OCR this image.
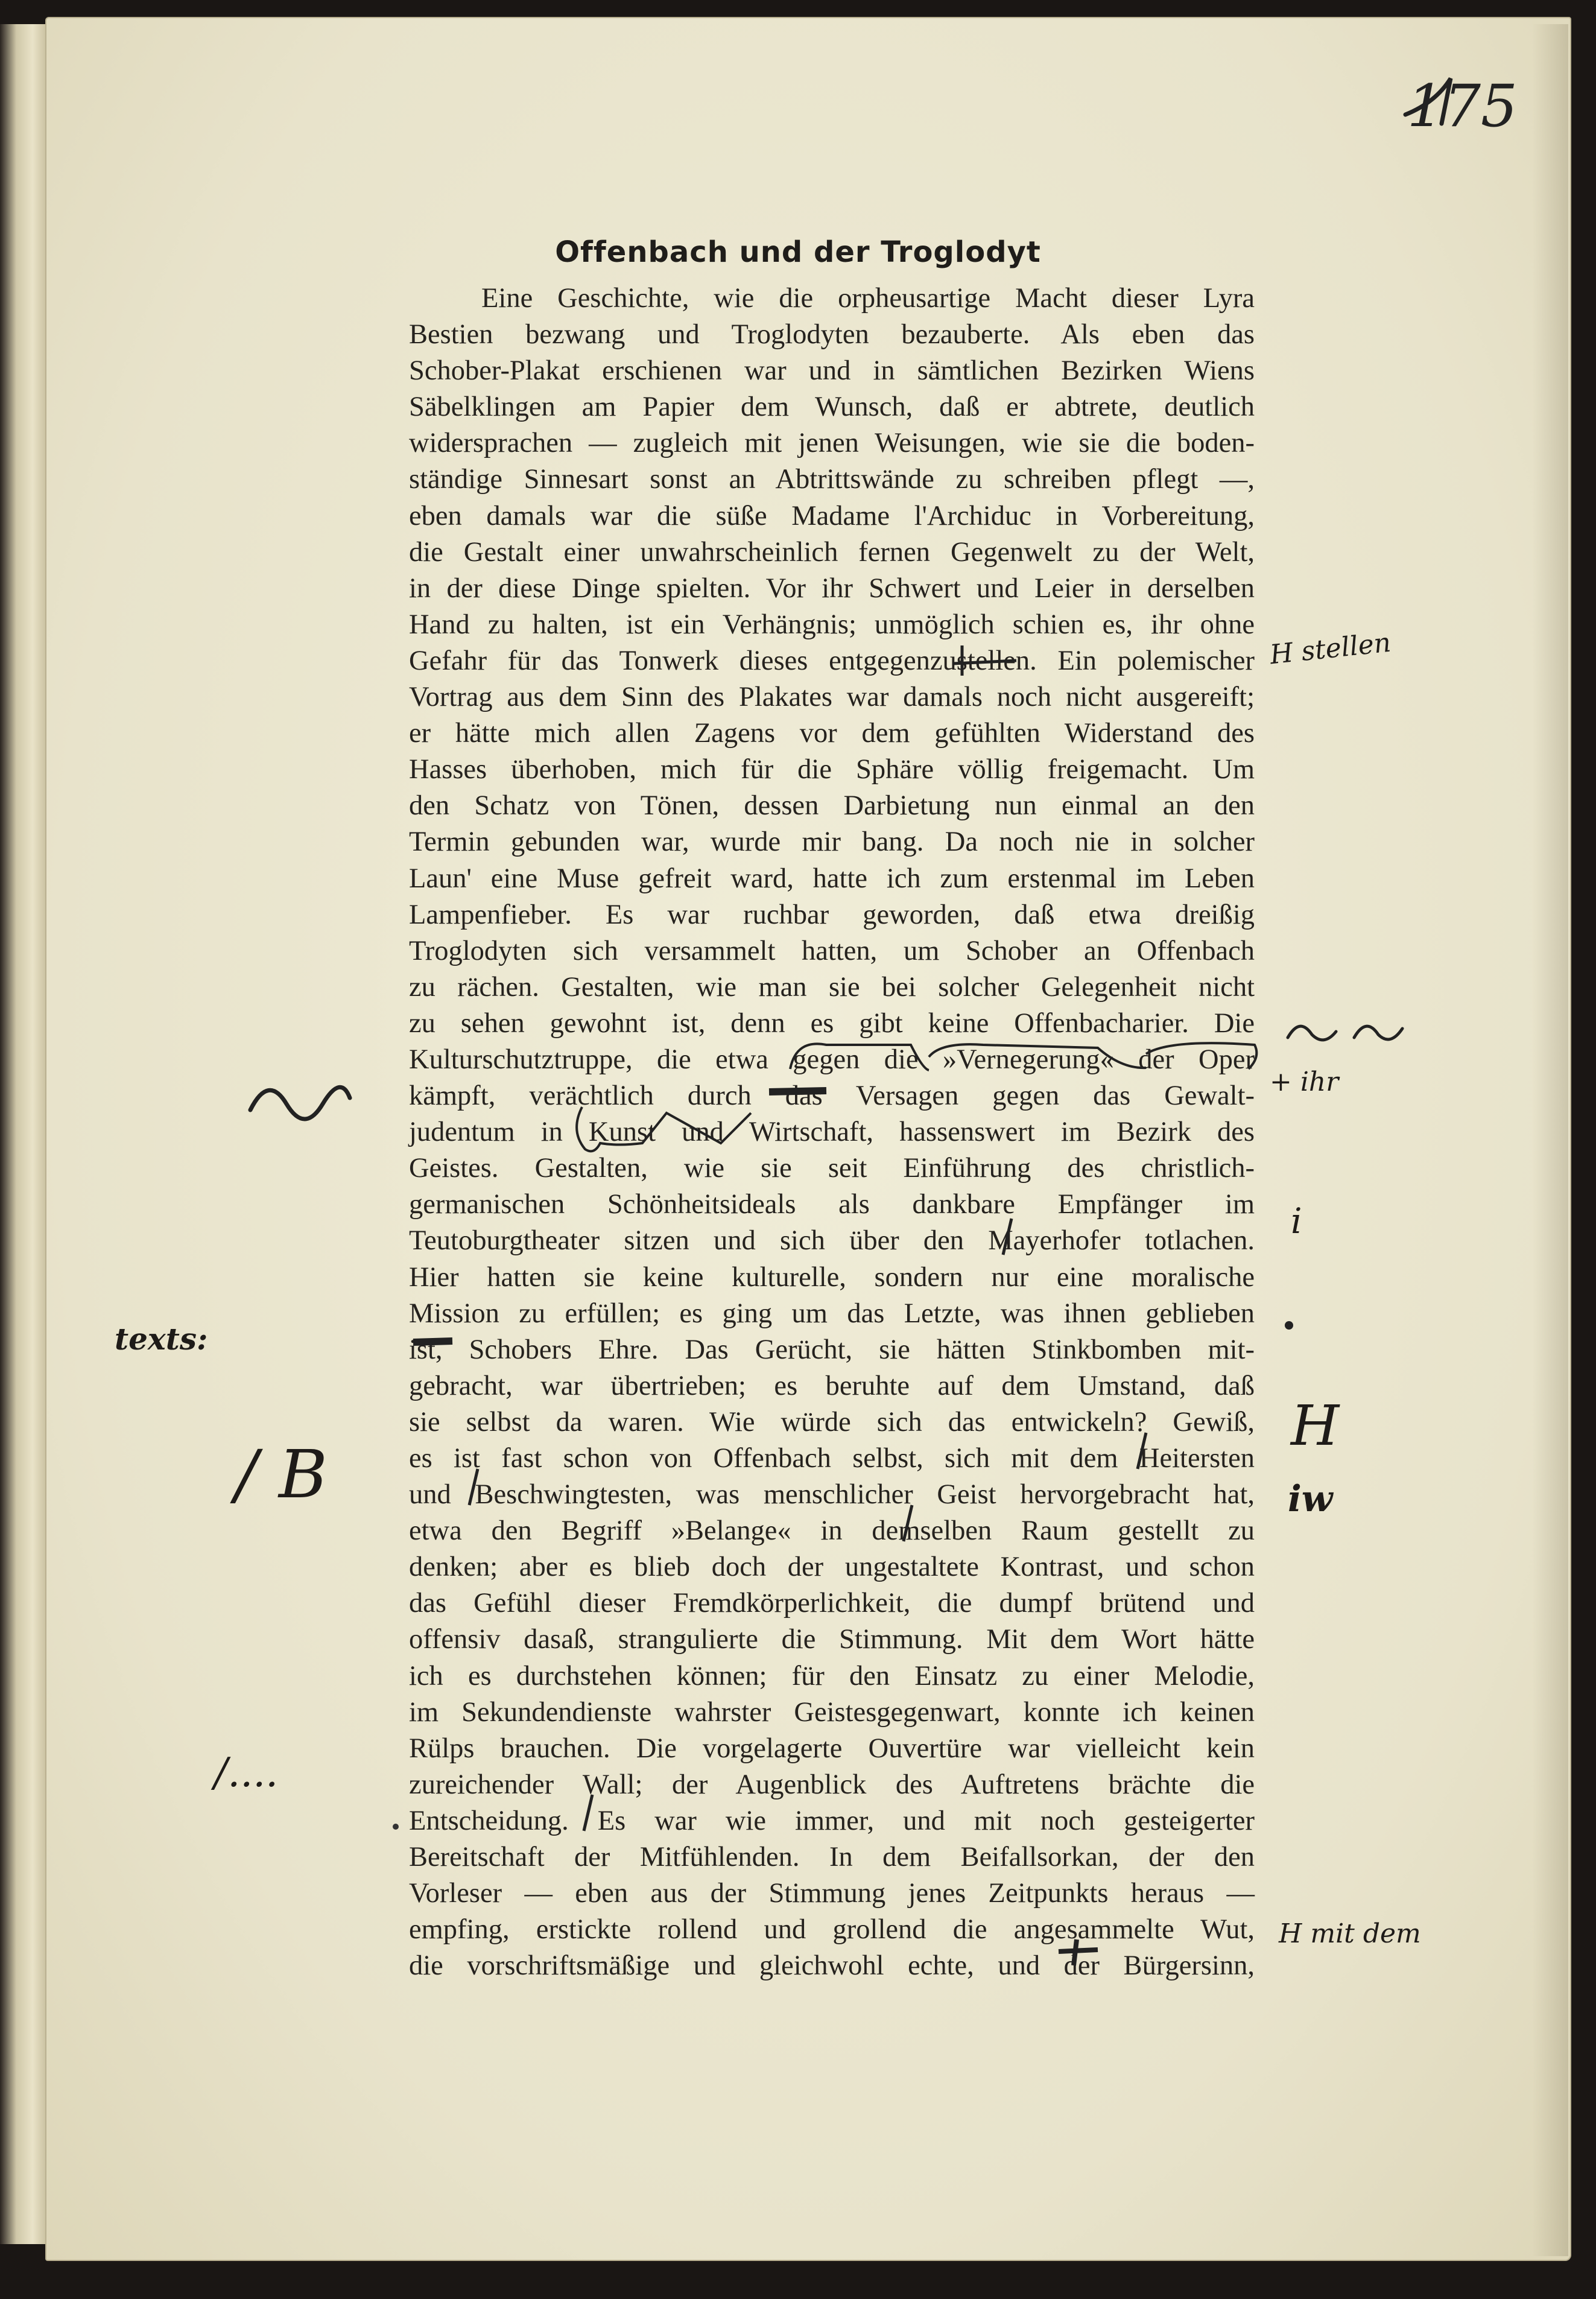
175
Offenbach und der Troglodyt
Eine Geschichte, wie die orpheusartige Macht dieser Lyra
Bestien bezwang und Troglodyten bezauberte. Als eben das
Schober-Plakat erschienen war und in sämtlichen Bezirken Wiens
Säbelklingen am Papier dem Wunsch, daß er abtrete, deutlich
widersprachen — zugleich mit jenen Weisungen, wie sie die boden-
ständige Sinnesart sonst an Abtrittswände zu schreiben pflegt —,
eben damals war die süße Madame l'Archiduc in Vorbereitung,
die Gestalt einer unwahrscheinlich fernen Gegenwelt zu der Welt,
in der diese Dinge spielten. Vor ihr Schwert und Leier in derselben
Hand zu halten, ist ein Verhängnis; unmöglich schien es, ihr ohne
Gefahr für das Tonwerk dieses entgegenzustellen. Ein polemischer
Vortrag aus dem Sinn des Plakates war damals noch nicht ausgereift;
er hätte mich allen Zagens vor dem gefühlten Widerstand des
Hasses überhoben, mich für die Sphäre völlig freigemacht. Um
den Schatz von Tönen, dessen Darbietung nun einmal an den
Termin gebunden war, wurde mir bang. Da noch nie in solcher
Laun' eine Muse gefreit ward, hatte ich zum erstenmal im Leben
Lampenfieber. Es war ruchbar geworden, daß etwa dreißig
Troglodyten sich versammelt hatten, um Schober an Offenbach
zu rächen. Gestalten, wie man sie bei solcher Gelegenheit nicht
zu sehen gewohnt ist, denn es gibt keine Offenbacharier. Die
Kulturschutztruppe, die etwa gegen die »Vernegerung« der Oper
kämpft, verächtlich durch das Versagen gegen das Gewalt-
judentum in Kunst und Wirtschaft, hassenswert im Bezirk des
Geistes. Gestalten, wie sie seit Einführung des christlich-
germanischen Schönheitsideals als dankbare Empfänger im
Teutoburgtheater sitzen und sich über den Mayerhofer totlachen.
Hier hatten sie keine kulturelle, sondern nur eine moralische
Mission zu erfüllen; es ging um das Letzte, was ihnen geblieben
ist, Schobers Ehre. Das Gerücht, sie hätten Stinkbomben mit-
gebracht, war übertrieben; es beruhte auf dem Umstand, daß
sie selbst da waren. Wie würde sich das entwickeln? Gewiß,
es ist fast schon von Offenbach selbst, sich mit dem Heitersten
und Beschwingtesten, was menschlicher Geist hervorgebracht hat,
etwa den Begriff »Belange« in demselben Raum gestellt zu
denken; aber es blieb doch der ungestaltete Kontrast, und schon
das Gefühl dieser Fremdkörperlichkeit, die dumpf brütend und
offensiv dasaß, strangulierte die Stimmung. Mit dem Wort hätte
ich es durchstehen können; für den Einsatz zu einer Melodie,
im Sekundendienste wahrster Geistesgegenwart, konnte ich keinen
Rülps brauchen. Die vorgelagerte Ouvertüre war vielleicht kein
zureichender Wall; der Augenblick des Auftretens brächte die
Entscheidung. Es war wie immer, und mit noch gesteigerter
Bereitschaft der Mitfühlenden. In dem Beifallsorkan, der den
Vorleser — eben aus der Stimmung jenes Zeitpunkts heraus —
empfing, erstickte rollend und grollend die angesammelte Wut,
die vorschriftsmäßige und gleichwohl echte, und der Bürgersinn,
H stellen
+ ihr
i
H
iw
H mit dem
texts:
/ B
/....
